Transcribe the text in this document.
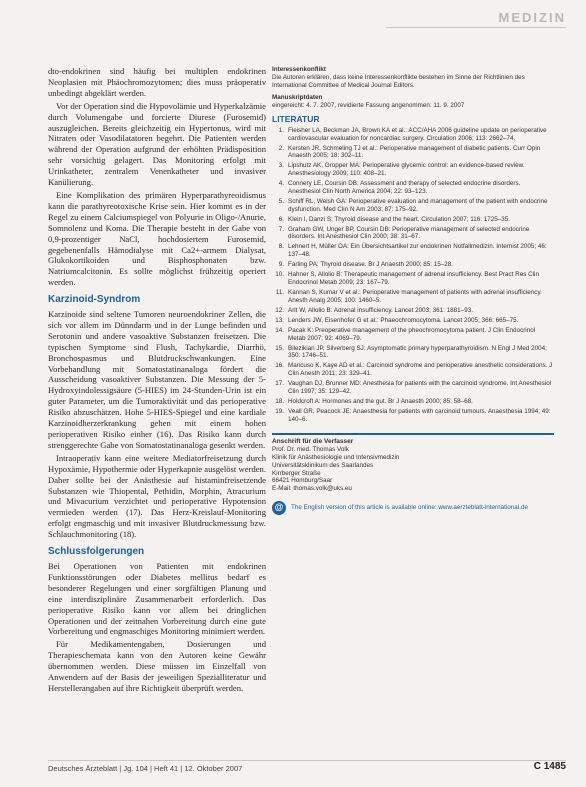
MEDIZIN

dto-endokrinen sind häufig bei multiplen endokrinen Neoplasien mit Phäochromozytomen; dies muss präoperativ unbedingt abgeklärt werden.

Vor der Operation sind die Hypovolämie und Hyperkalzämie durch Volumengabe und forcierte Diurese (Furosemid) auszugleichen. Bereits gleichzeitig ein Hypertonus, wird mit Nitraten oder Vasodilatatoren begehrt. Die Patienten werden während der Operation aufgrund der erhöhten Prädisposition sehr vorsichtig gelagert. Das Monitoring erfolgt mit Urinkatheter, zentralem Venenkatheter und invasiver Kanülierung.

Eine Komplikation des primären Hyperparathyreoidismus kann die parathyreotoxische Krise sein. Hier kommt es in der Regel zu einem Calciumspiegel von Polyurie in Oligo-/Anurie, Somnolenz und Koma. Die Therapie besteht in der Gabe von 0,9-prozentiger NaCl, hochdosiertem Furosemid, gegebenenfalls Hämodialyse mit Ca2+-armem Dialysat, Glukokortikoiden und Bisphosphonaten bzw. Natriumcalcitonin. Es sollte möglichst frühzeitig operiert werden.

Karzinoid-Syndrom

Karzinoide sind seltene Tumoren neuroendokriner Zellen, die sich vor allem im Dünndarm und in der Lunge befinden und Serotonin und andere vasoaktive Substanzen freisetzen. Die typischen Symptome sind Flush, Tachykardie, Diarrhö, Bronchospasmus und Blutdruckschwankungen. Eine Vorbehandlung mit Somatostatinanaloga fördert die Ausscheidung vasoaktiver Substanzen. Die Messung der 5-Hydroxyindolessigsäure (5-HIES) im 24-Stunden-Urin ist ein guter Parameter, um die Tumoraktivität und das perioperative Risiko abzuschätzen. Hohe 5-HIES-Spiegel und eine kardiale Karzinoidherzerkrankung gehen mit einem hohen perioperativen Risiko einher (16). Das Risiko kann durch strenggerechte Gabe von Somatostatinanaloga gesenkt werden.

Intraoperativ kann eine weitere Mediatorfreisetzung durch Hypoxämie, Hypothermie oder Hyperkapnie ausgelöst werden. Daher sollte bei der Anästhesie auf histaminfreisetzende Substanzen wie Thiopental, Pethidin, Morphin, Atracurium und Mivacurium verzichtet und perioperative Hypotension vermieden werden (17). Das Herz-Kreislauf-Monitoring erfolgt engmaschig und mit invasiver Blutdruckmessung bzw. Schlauchmonitoring (18).

Schlussfolgerungen

Bei Operationen von Patienten mit endokrinen Funktionsstörungen oder Diabetes mellitus bedarf es besonderer Regelungen und einer sorgfältigen Planung und eine interdisziplinäre Zusammenarbeit erforderlich. Das perioperative Risiko kann vor allem bei dringlichen Operationen und der zeitnahen Vorbereitung durch eine gute Vorbereitung und engmaschiges Monitoring minimiert werden.

Für Medikamentengaben, Dosierungen und Therapieschemata kann von den Autoren keine Gewähr übernommen werden. Diese müssen im Einzelfall von Anwendern auf der Basis der jeweiligen Spezialliteratur und Herstellerangaben auf ihre Richtigkeit überprüft werden.

Interessenkonflikt
Die Autoren erklären, dass keine Interessenkonflikte bestehen im Sinne der Richtlinien des International Committee of Medical Journal Editors.
Manuskriptdaten
eingereicht: 4. 7. 2007, revidierte Fassung angenommen: 11. 9. 2007
LITERATUR
1. Fleisher LA, Beckman JA, Brown KA et al.: ACC/AHA 2006 guideline update on perioperative cardiovascular evaluation for noncardiac surgery. Circulation 2006; 113: 2662–74.
2. Kersten JR, Schmeling TJ et al.: Perioperative management of diabetic patients. Curr Opin Anaesth 2005; 18: 302–11.
3. Lipshutz AK, Gropper MA: Perioperative glycemic control: an evidence-based review. Anesthesiology 2009; 110: 408–21.
4. Connery LE, Coursin DB: Assessment and therapy of selected endocrine disorders. Anesthesiol Clin North America 2004; 22: 93–123.
5. Schiff RL, Welsh GA: Perioperative evaluation and management of the patient with endocrine dysfunction. Med Clin N Am 2003; 87: 175–92.
6. Klein I, Danzi S: Thyroid disease and the heart. Circulation 2007; 116: 1725–35.
7. Graham GW, Unger BP, Coursin DB: Perioperative management of selected endocrine disorders. Int Anesthesiol Clin 2000; 38: 31–67.
8. Lehnert H, Müller OA: Ein Übersichtsartikel zur endokrinen Notfallmedizin. Internist 2005; 46: 137–48.
9. Farling PA: Thyroid disease. Br J Anaesth 2000; 85: 15–28.
10. Hahner S, Allolio B: Therapeutic management of adrenal insufficiency. Best Pract Res Clin Endocrinol Metab 2009; 23: 167–79.
11. Kannan S, Kumar V et al.: Perioperative management of patients with adrenal insufficiency. Anesth Analg 2005; 100: 1460–5.
12. Arlt W, Allolio B: Adrenal insufficiency. Lancet 2003; 361: 1881–93.
13. Lenders JW, Eisenhofer G et al.: Phaeochromocytoma. Lancet 2005; 366: 665–75.
14. Pacak K: Preoperative management of the pheochromocytoma patient. J Clin Endocrinol Metab 2007; 92: 4069–79.
15. Bilezikian JP, Silverberg SJ: Asymptomatic primary hyperparathyroidism. N Engl J Med 2004; 350: 1746–51.
16. Mancuso K, Kaye AD et al.: Carcinoid syndrome and perioperative anesthetic considerations. J Clin Anesth 2011; 23: 329–41.
17. Vaughan DJ, Brunner MD: Anesthesia for patients with the carcinoid syndrome. Int Anesthesiol Clin 1997; 35: 129–42.
18. Holdcroft A: Hormones and the gut. Br J Anaesth 2000; 85: 58–68.
19. Veall GR, Peacock JE: Anaesthesia for patients with carcinoid tumours. Anaesthesia 1994; 49: 140–6.
Anschrift für die Verfasser
Prof. Dr. med. Thomas Volk
Klinik für Anästhesiologie und Intensivmedizin
Universitätsklinikum des Saarlandes
Kirrberger Straße
66421 Homburg/Saar
E-Mail: thomas.volk@uks.eu
@	The English version of this article is available online: www.aerzteblatt-international.de
Deutsches Ärzteblatt | Jg. 104 | Heft 41 | 12. Oktober 2007	C 1485
